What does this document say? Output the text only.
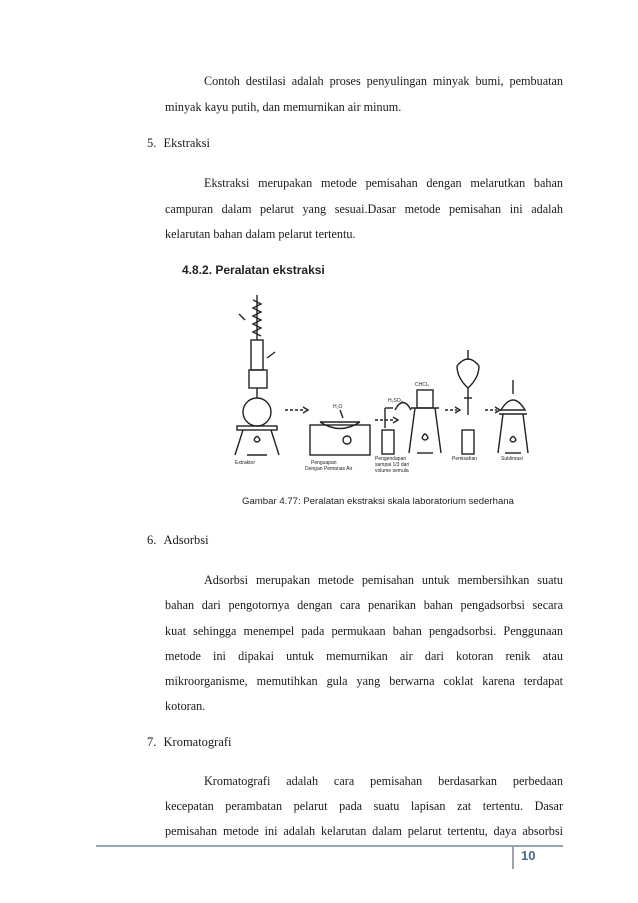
Contoh destilasi adalah proses penyulingan minyak bumi, pembuatan
minyak kayu putih, dan memurnikan air minum.
5. Ekstraksi
Ekstraksi merupakan metode pemisahan dengan melarutkan bahan
campuran dalam pelarut yang sesuai.Dasar metode pemisahan ini adalah
kelarutan bahan dalam pelarut tertentu.
4.8.2. Peralatan ekstraksi
Extraktor	Penguapan
Dengan Pemanas Air
Pengendapan
sampai 1/3 dari
volume semula
Pemisahan	Sublimasi
H₂O
H₂SO₄
CHCl₃
Gambar 4.77: Peralatan ekstraksi skala laboratorium sederhana
6. Adsorbsi
Adsorbsi merupakan metode pemisahan untuk membersihkan suatu
bahan dari pengotornya dengan cara penarikan bahan pengadsorbsi secara
kuat sehingga menempel pada permukaan bahan pengadsorbsi. Penggunaan
metode ini dipakai untuk memurnikan air dari kotoran renik atau
mikroorganisme, memutihkan gula yang berwarna coklat karena terdapat
kotoran.
7. Kromatografi
Kromatografi adalah cara pemisahan berdasarkan perbedaan
kecepatan perambatan pelarut pada suatu lapisan zat tertentu. Dasar
pemisahan metode ini adalah kelarutan dalam pelarut tertentu, daya absorbsi
10
